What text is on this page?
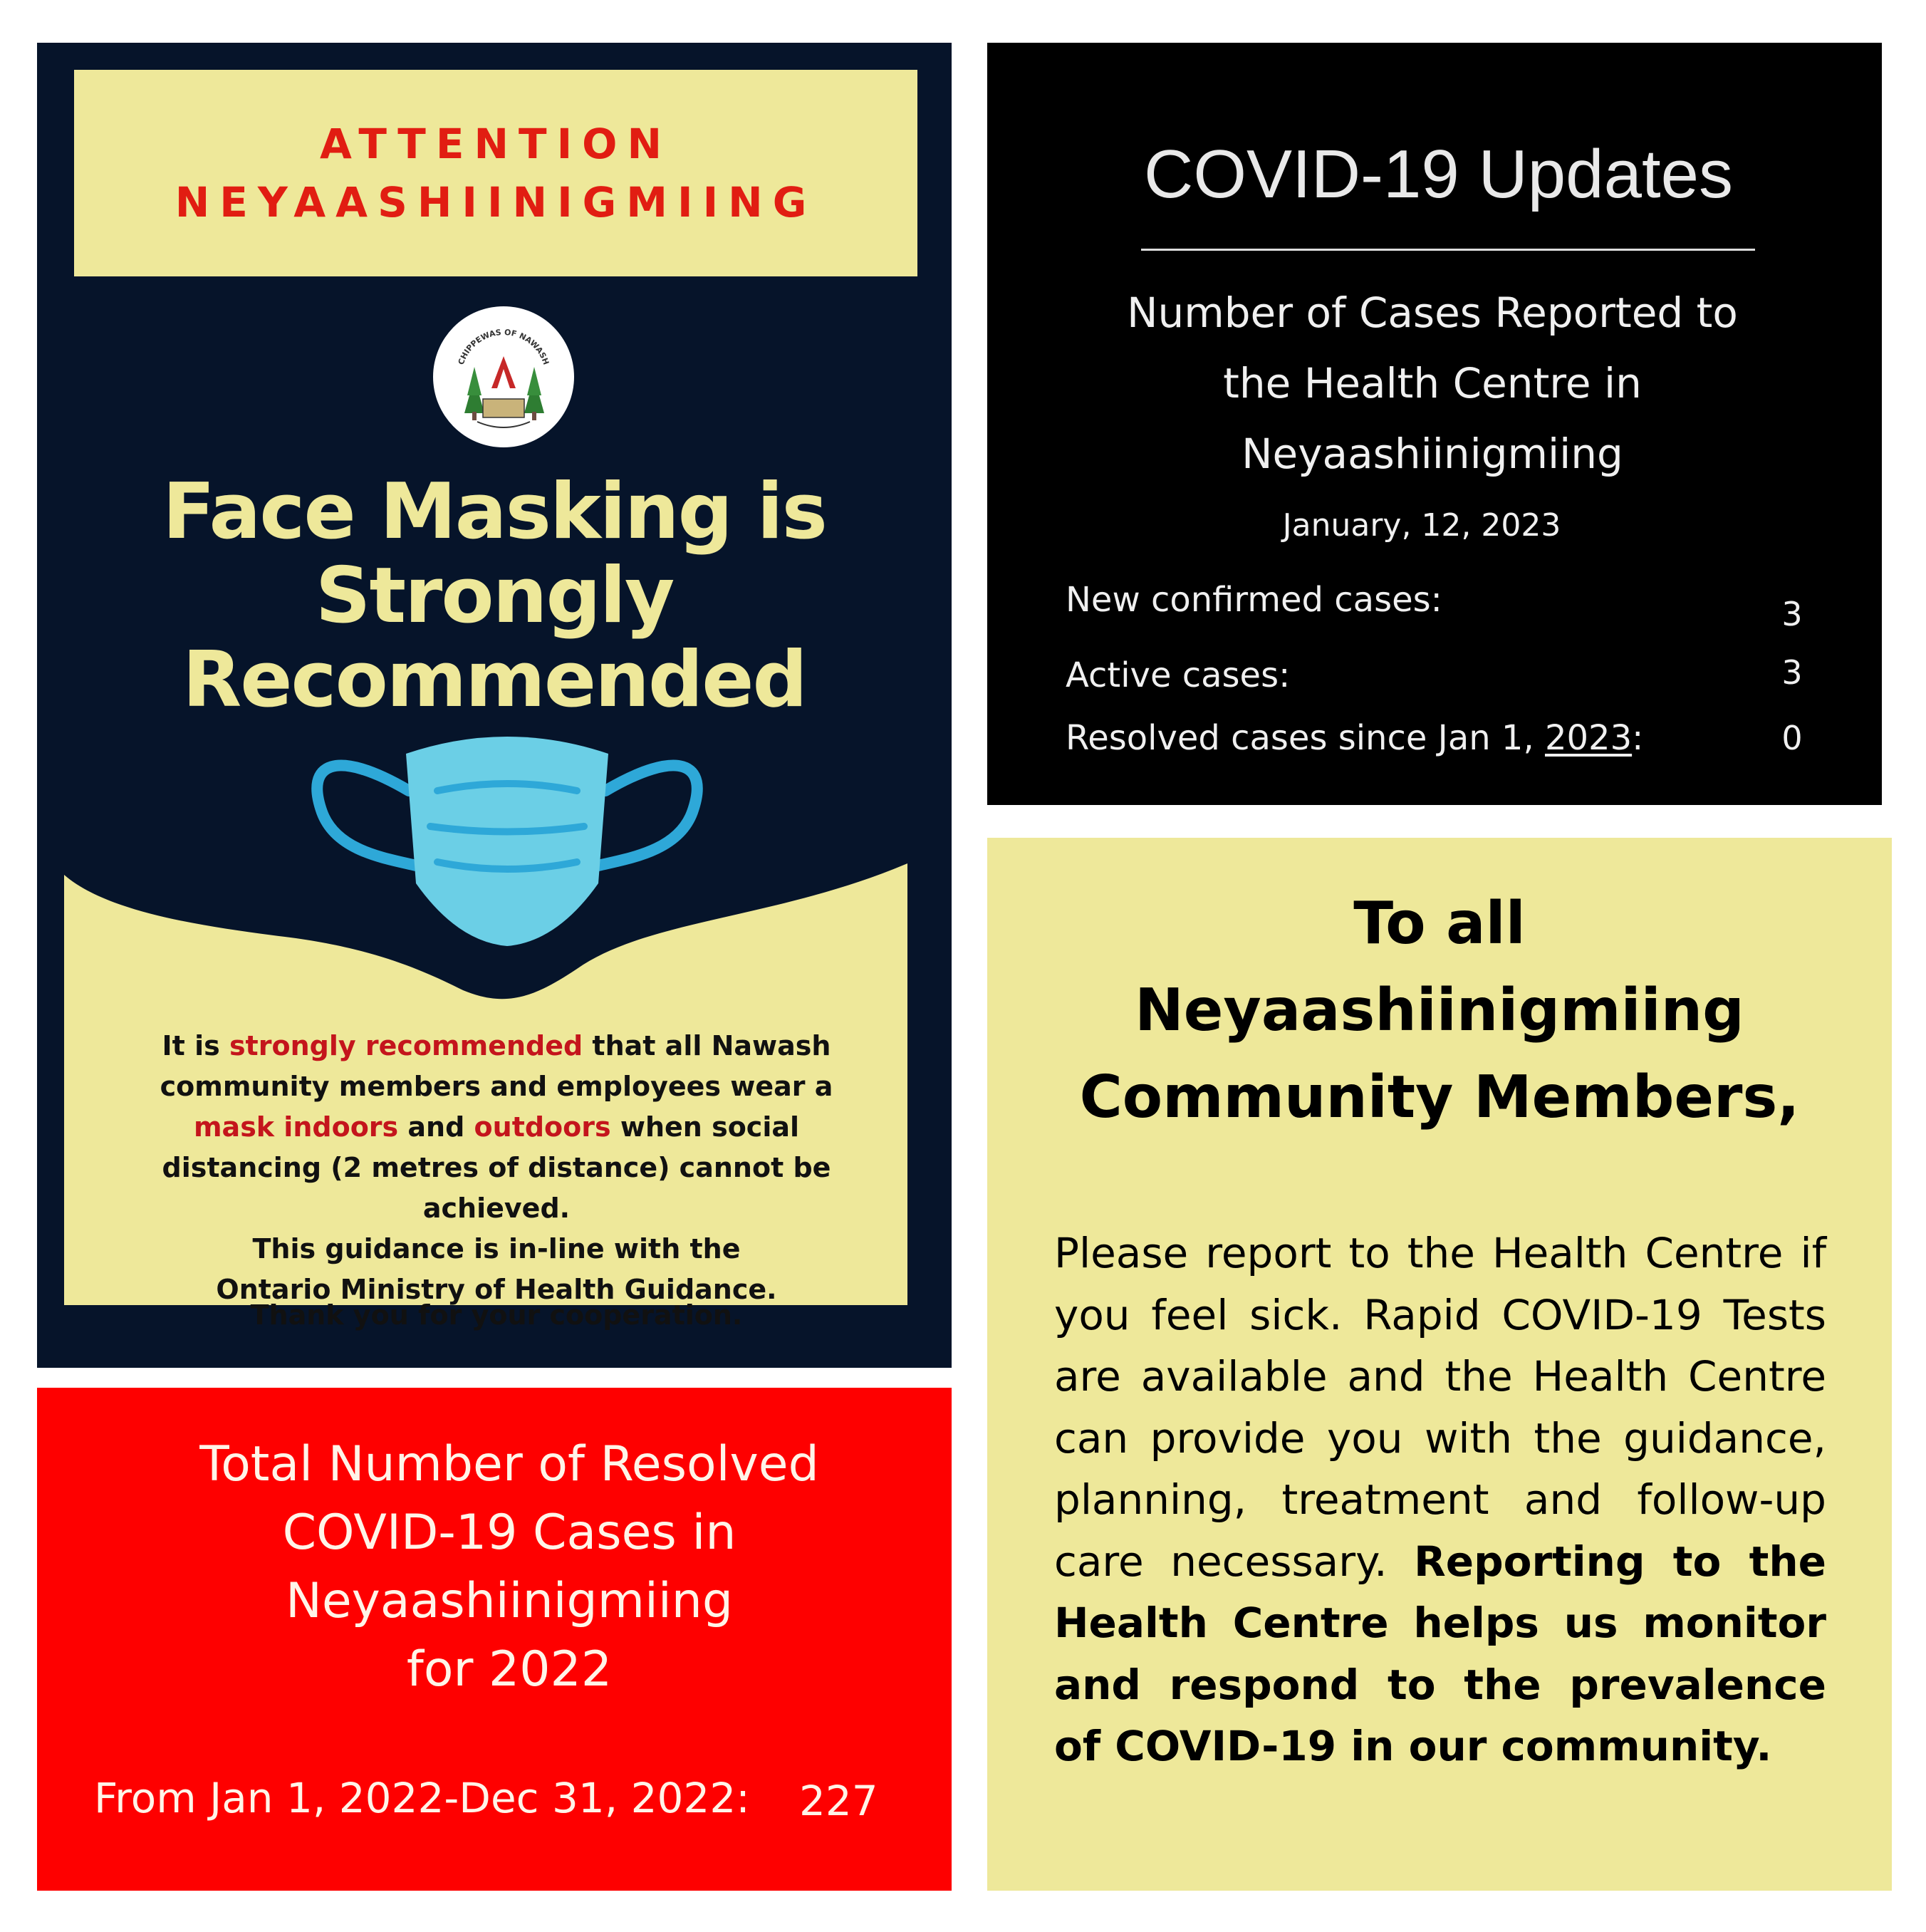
ATTENTION
NEYAASHIINIGMIING
CHIPPEWAS OF NAWASH
Face Masking is
Strongly
Recommended
It is strongly recommended that all Nawash community members and employees wear a mask indoors and outdoors when social distancing (2 metres of distance) cannot be achieved.
This guidance is in-line with the
Ontario Ministry of Health Guidance.
Thank you for your cooperation.
COVID-19 Updates
Number of Cases Reported to
the Health Centre in
Neyaashiinigmiing
January, 12, 2023
New confirmed cases:	3
Active cases:	3
Resolved cases since Jan 1, 2023:	0
Total Number of Resolved
COVID-19 Cases in
Neyaashiinigmiing
for 2022
From Jan 1, 2022-Dec 31, 2022:	227
To all
Neyaashiinigmiing
Community Members,
Please report to the Health Centre if you feel sick. Rapid COVID-19 Tests are available and the Health Centre can provide you with the guidance, planning, treatment and follow-up care necessary. Reporting to the Health Centre helps us monitor and respond to the prevalence of COVID-19 in our community.
